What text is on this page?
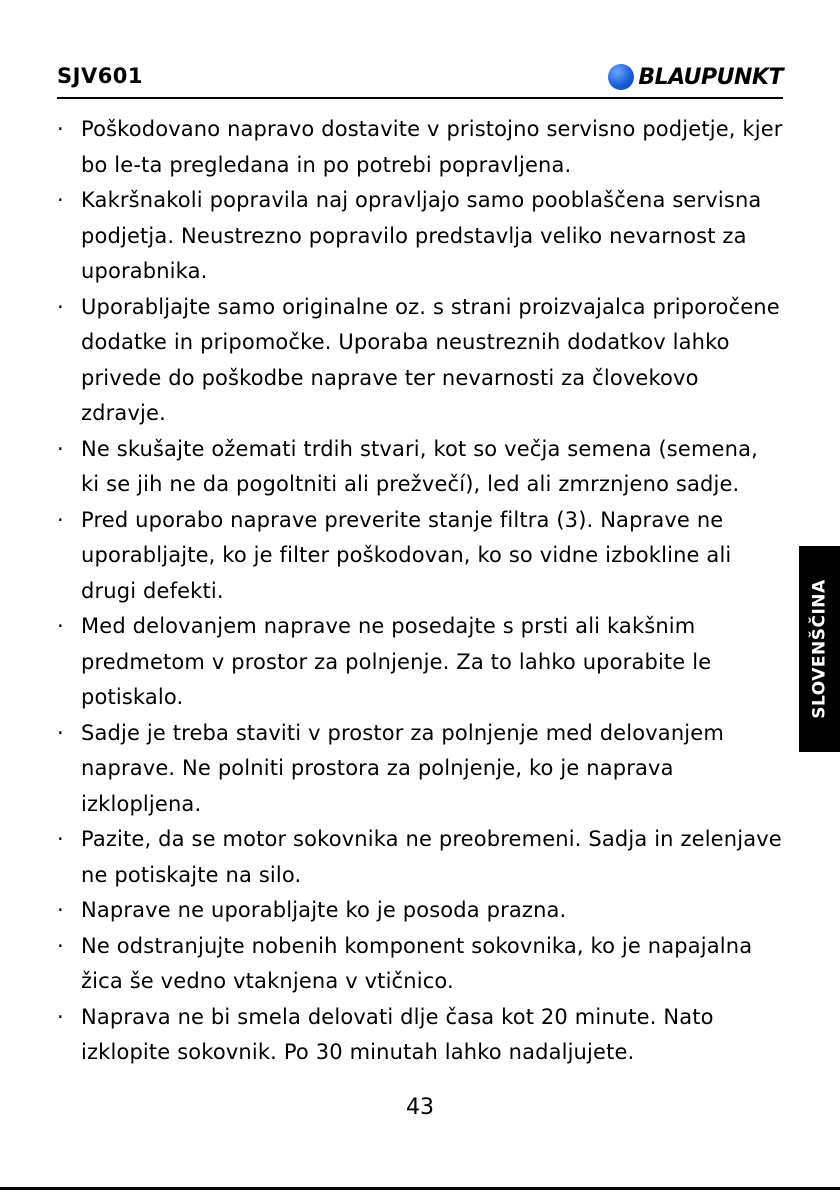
SJV601	BLAUPUNKT
· Poškodovano napravo dostavite v pristojno servisno podjetje, kjer bo le-ta pregledana in po potrebi popravljena.
· Kakršnakoli popravila naj opravljajo samo pooblaščena servisna podjetja. Neustrezno popravilo predstavlja veliko nevarnost za uporabnika.
· Uporabljajte samo originalne oz. s strani proizvajalca priporočene dodatke in pripomočke. Uporaba neustreznih dodatkov lahko privede do poškodbe naprave ter nevarnosti za človekovo zdravje.
· Ne skušajte ožemati trdih stvari, kot so večja semena (semena, ki se jih ne da pogoltniti ali prežvečí), led ali zmrznjeno sadje.
· Pred uporabo naprave preverite stanje filtra (3). Naprave ne uporabljajte, ko je filter poškodovan, ko so vidne izbokline ali drugi defekti.
· Med delovanjem naprave ne posedajte s prsti ali kakšnim predmetom v prostor za polnjenje. Za to lahko uporabite le potiskalo.
· Sadje je treba staviti v prostor za polnjenje med delovanjem naprave. Ne polniti prostora za polnjenje, ko je naprava izklopljena.
· Pazite, da se motor sokovnika ne preobremeni. Sadja in zelenjave ne potiskajte na silo.
· Naprave ne uporabljajte ko je posoda prazna.
· Ne odstranjujte nobenih komponent sokovnika, ko je napajalna žica še vedno vtaknjena v vtičnico.
· Naprava ne bi smela delovati dlje časa kot 20 minute. Nato izklopite sokovnik. Po 30 minutah lahko nadaljujete.
SLOVENŠČINA
43
